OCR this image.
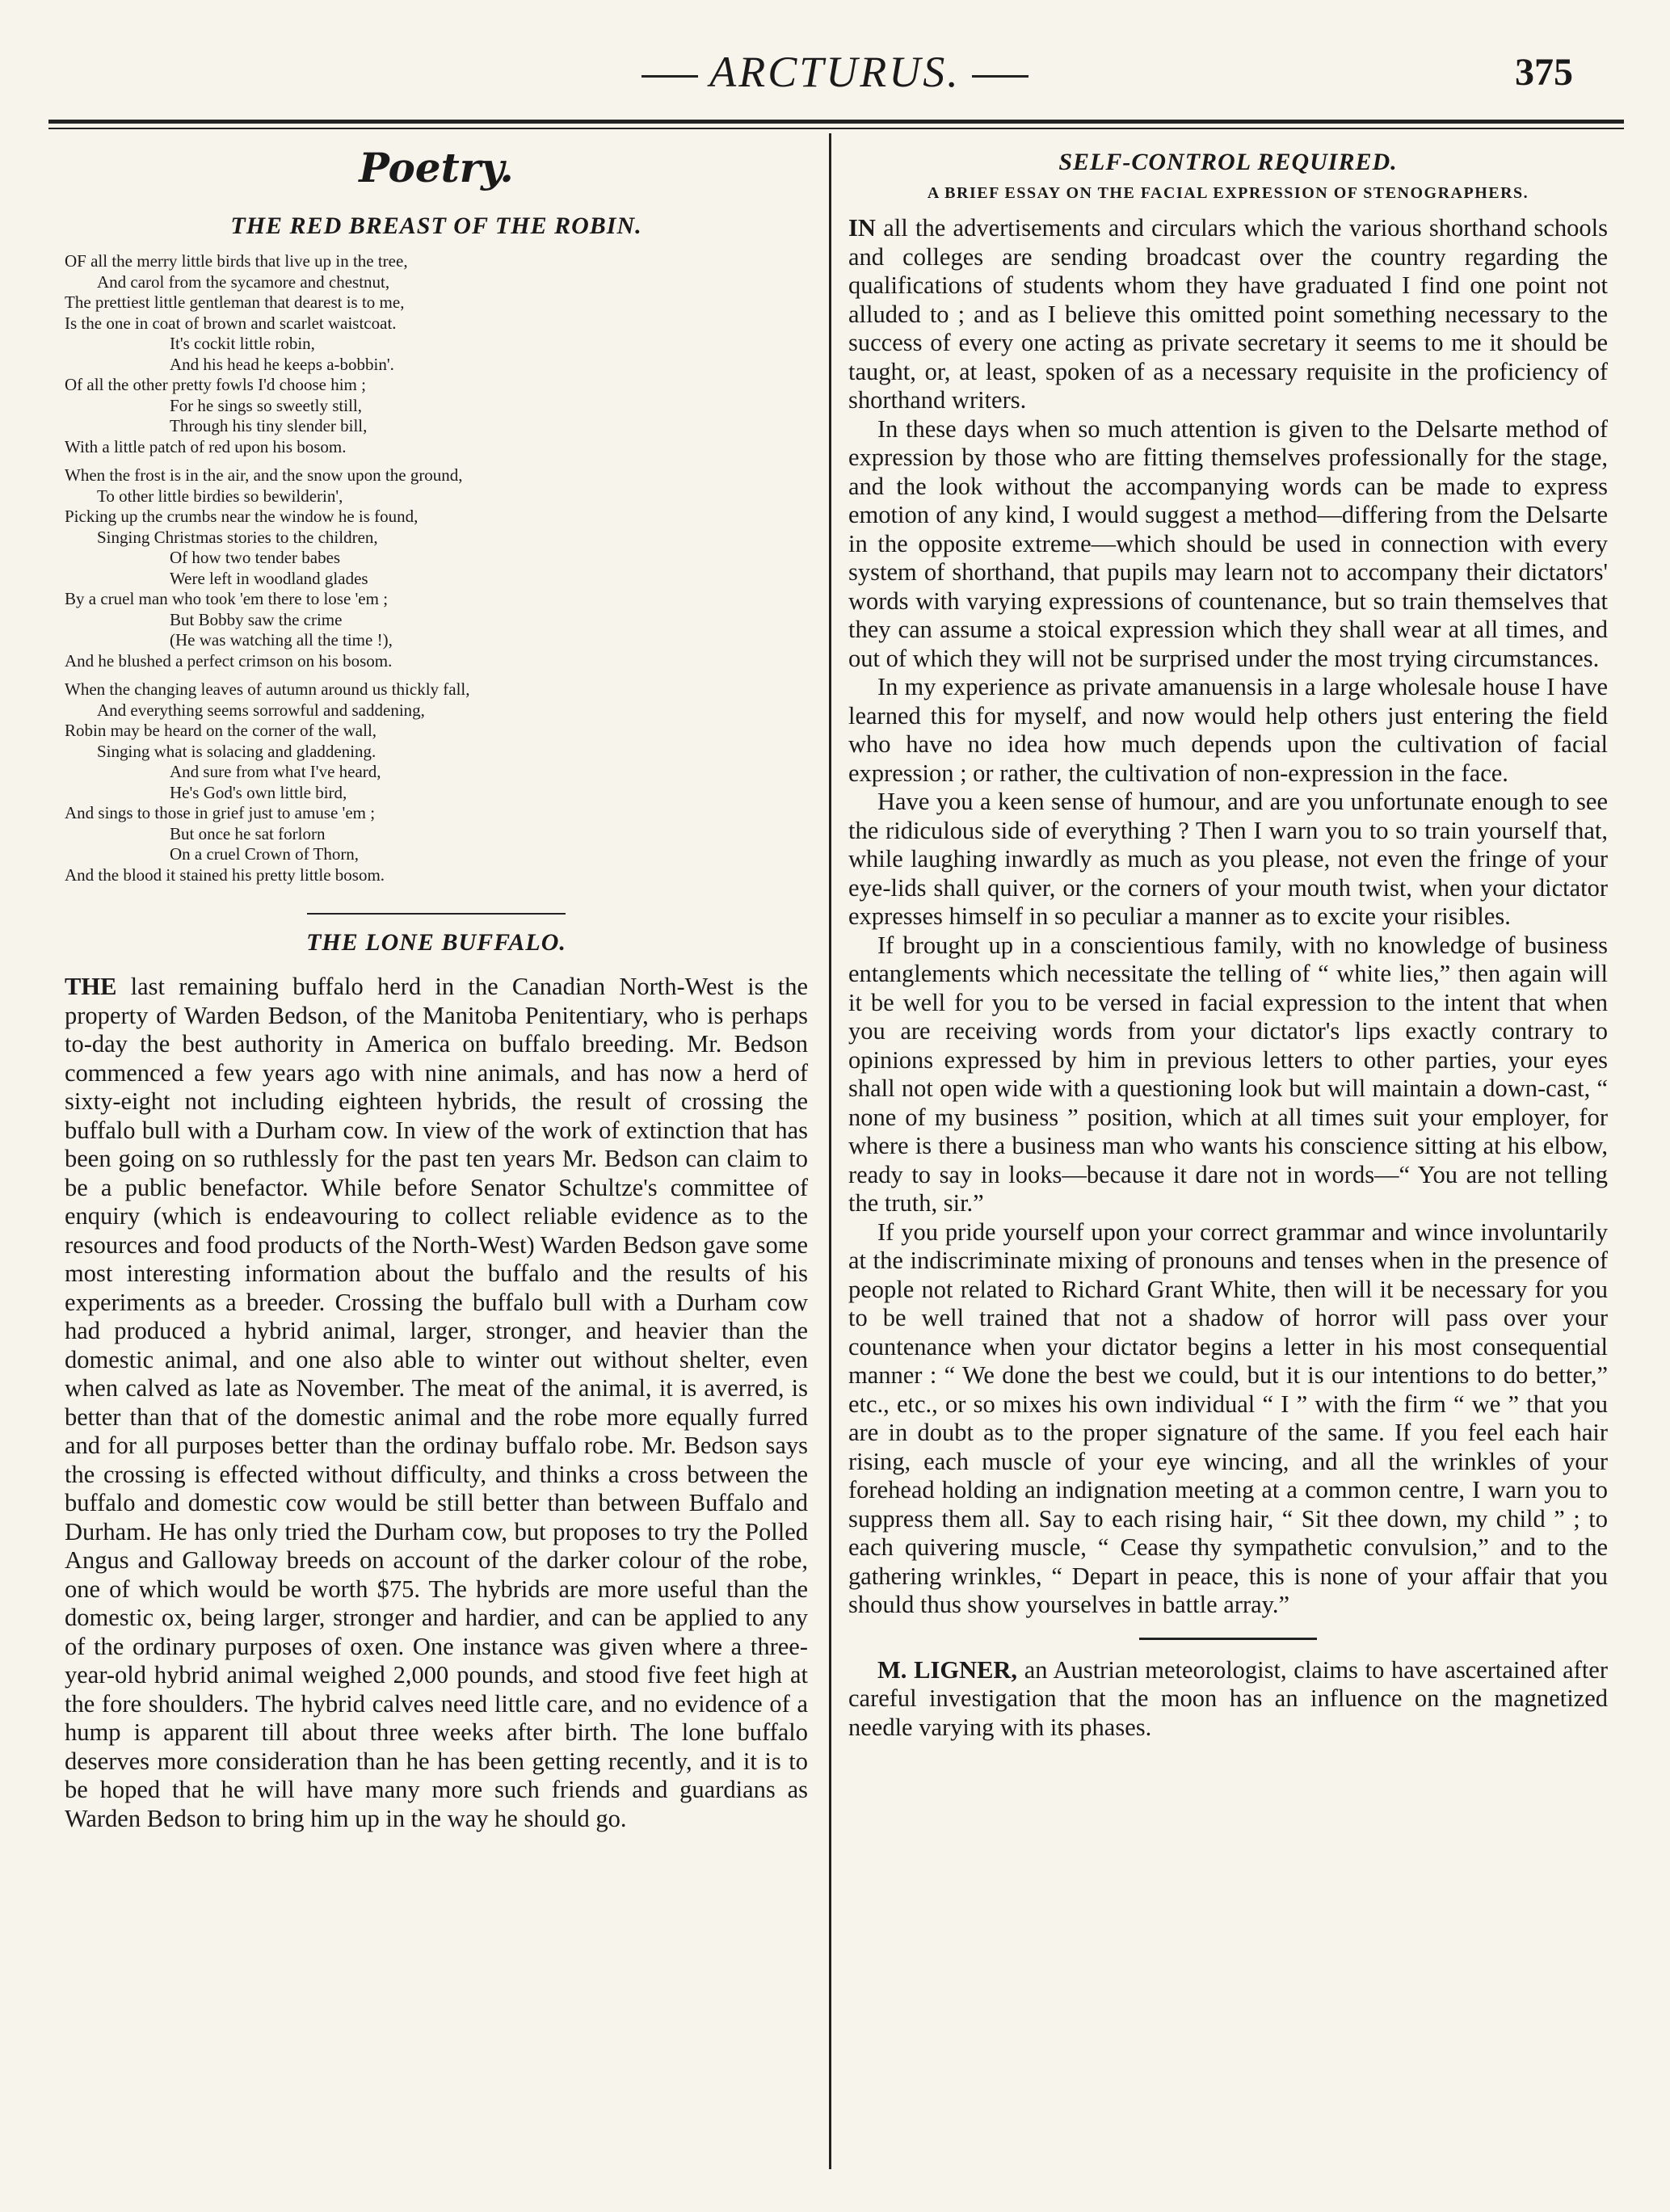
ARCTURUS.	375
Poetry.
THE RED BREAST OF THE ROBIN.
OF all the merry little birds that live up in the tree,
And carol from the sycamore and chestnut,
The prettiest little gentleman that dearest is to me,
Is the one in coat of brown and scarlet waistcoat.
It's cockit little robin,
And his head he keeps a-bobbin'.
Of all the other pretty fowls I'd choose him ;
For he sings so sweetly still,
Through his tiny slender bill,
With a little patch of red upon his bosom.
When the frost is in the air, and the snow upon the ground,
To other little birdies so bewilderin',
Picking up the crumbs near the window he is found,
Singing Christmas stories to the children,
Of how two tender babes
Were left in woodland glades
By a cruel man who took 'em there to lose 'em ;
But Bobby saw the crime
(He was watching all the time !),
And he blushed a perfect crimson on his bosom.
When the changing leaves of autumn around us thickly fall,
And everything seems sorrowful and saddening,
Robin may be heard on the corner of the wall,
Singing what is solacing and gladdening.
And sure from what I've heard,
He's God's own little bird,
And sings to those in grief just to amuse 'em ;
But once he sat forlorn
On a cruel Crown of Thorn,
And the blood it stained his pretty little bosom.
THE LONE BUFFALO.

THE last remaining buffalo herd in the Canadian North-West is the property of Warden Bedson, of the Manitoba Penitentiary, who is perhaps to-day the best authority in America on buffalo breeding. Mr. Bedson commenced a few years ago with nine animals, and has now a herd of sixty-eight not including eighteen hybrids, the result of crossing the buffalo bull with a Durham cow. In view of the work of extinction that has been going on so ruthlessly for the past ten years Mr. Bedson can claim to be a public benefactor. While before Senator Schultze's committee of enquiry (which is endeavouring to collect reliable evidence as to the resources and food products of the North-West) Warden Bedson gave some most interesting information about the buffalo and the results of his experiments as a breeder. Crossing the buffalo bull with a Durham cow had produced a hybrid animal, larger, stronger, and heavier than the domestic animal, and one also able to winter out without shelter, even when calved as late as November. The meat of the animal, it is averred, is better than that of the domestic animal and the robe more equally furred and for all purposes better than the ordinay buffalo robe. Mr. Bedson says the crossing is effected without difficulty, and thinks a cross between the buffalo and domestic cow would be still better than between Buffalo and Durham. He has only tried the Durham cow, but proposes to try the Polled Angus and Galloway breeds on account of the darker colour of the robe, one of which would be worth $75. The hybrids are more useful than the domestic ox, being larger, stronger and hardier, and can be applied to any of the ordinary purposes of oxen. One instance was given where a three-year-old hybrid animal weighed 2,000 pounds, and stood five feet high at the fore shoulders. The hybrid calves need little care, and no evidence of a hump is apparent till about three weeks after birth. The lone buffalo deserves more consideration than he has been getting recently, and it is to be hoped that he will have many more such friends and guardians as Warden Bedson to bring him up in the way he should go.

SELF-CONTROL REQUIRED.
A BRIEF ESSAY ON THE FACIAL EXPRESSION OF STENOGRAPHERS.

IN all the advertisements and circulars which the various shorthand schools and colleges are sending broadcast over the country regarding the qualifications of students whom they have graduated I find one point not alluded to ; and as I believe this omitted point something necessary to the success of every one acting as private secretary it seems to me it should be taught, or, at least, spoken of as a necessary requisite in the proficiency of shorthand writers.

In these days when so much attention is given to the Delsarte method of expression by those who are fitting themselves professionally for the stage, and the look without the accompanying words can be made to express emotion of any kind, I would suggest a method—differing from the Delsarte in the opposite extreme—which should be used in connection with every system of shorthand, that pupils may learn not to accompany their dictators' words with varying expressions of countenance, but so train themselves that they can assume a stoical expression which they shall wear at all times, and out of which they will not be surprised under the most trying circumstances.

In my experience as private amanuensis in a large wholesale house I have learned this for myself, and now would help others just entering the field who have no idea how much depends upon the cultivation of facial expression ; or rather, the cultivation of non-expression in the face.

Have you a keen sense of humour, and are you unfortunate enough to see the ridiculous side of everything ? Then I warn you to so train yourself that, while laughing inwardly as much as you please, not even the fringe of your eye-lids shall quiver, or the corners of your mouth twist, when your dictator expresses himself in so peculiar a manner as to excite your risibles.

If brought up in a conscientious family, with no knowledge of business entanglements which necessitate the telling of “ white lies,” then again will it be well for you to be versed in facial expression to the intent that when you are receiving words from your dictator's lips exactly contrary to opinions expressed by him in previous letters to other parties, your eyes shall not open wide with a questioning look but will maintain a down-cast, “ none of my business ” position, which at all times suit your employer, for where is there a business man who wants his conscience sitting at his elbow, ready to say in looks—because it dare not in words—“ You are not telling the truth, sir.”

If you pride yourself upon your correct grammar and wince involuntarily at the indiscriminate mixing of pronouns and tenses when in the presence of people not related to Richard Grant White, then will it be necessary for you to be well trained that not a shadow of horror will pass over your countenance when your dictator begins a letter in his most consequential manner : “ We done the best we could, but it is our intentions to do better,” etc., etc., or so mixes his own individual “ I ” with the firm “ we ” that you are in doubt as to the proper signature of the same. If you feel each hair rising, each muscle of your eye wincing, and all the wrinkles of your forehead holding an indignation meeting at a common centre, I warn you to suppress them all. Say to each rising hair, “ Sit thee down, my child ” ; to each quivering muscle, “ Cease thy sympathetic convulsion,” and to the gathering wrinkles, “ Depart in peace, this is none of your affair that you should thus show yourselves in battle array.”

M. LIGNER, an Austrian meteorologist, claims to have ascertained after careful investigation that the moon has an influence on the magnetized needle varying with its phases.
